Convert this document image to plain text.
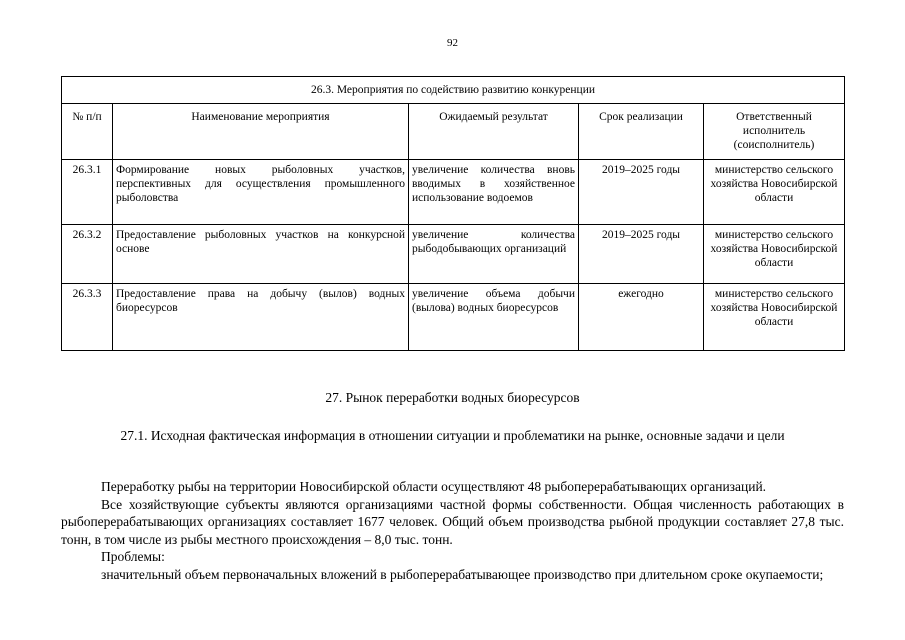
92
26.3. Мероприятия по содействию развитию конкуренции				
№ п/п	Наименование мероприятия	Ожидаемый результат	Срок реализации	Ответственный исполнитель (соисполнитель)
26.3.1	Формирование новых рыболовных участков, перспективных для осуществления промышленного рыболовства	увеличение количества вновь вводимых в хозяйственное использование водоемов	2019–2025 годы	министерство сельского хозяйства Новосибирской области
26.3.2	Предоставление рыболовных участков на конкурсной основе	увеличение количества рыбодобывающих организаций	2019–2025 годы	министерство сельского хозяйства Новосибирской области
26.3.3	Предоставление права на добычу (вылов) водных биоресурсов	увеличение объема добычи (вылова) водных биоресурсов	ежегодно	министерство сельского хозяйства Новосибирской области
27. Рынок переработки водных биоресурсов
27.1. Исходная фактическая информация в отношении ситуации и проблематики на рынке, основные задачи и цели

Переработку рыбы на территории Новосибирской области осуществляют 48 рыбоперерабатывающих организаций.

Все хозяйствующие субъекты являются организациями частной формы собственности. Общая численность работающих в рыбоперерабатывающих организациях составляет 1677 человек. Общий объем производства рыбной продукции составляет 27,8 тыс. тонн, в том числе из рыбы местного происхождения – 8,0 тыс. тонн.

Проблемы:

значительный объем первоначальных вложений в рыбоперерабатывающее производство при длительном сроке окупаемости;
